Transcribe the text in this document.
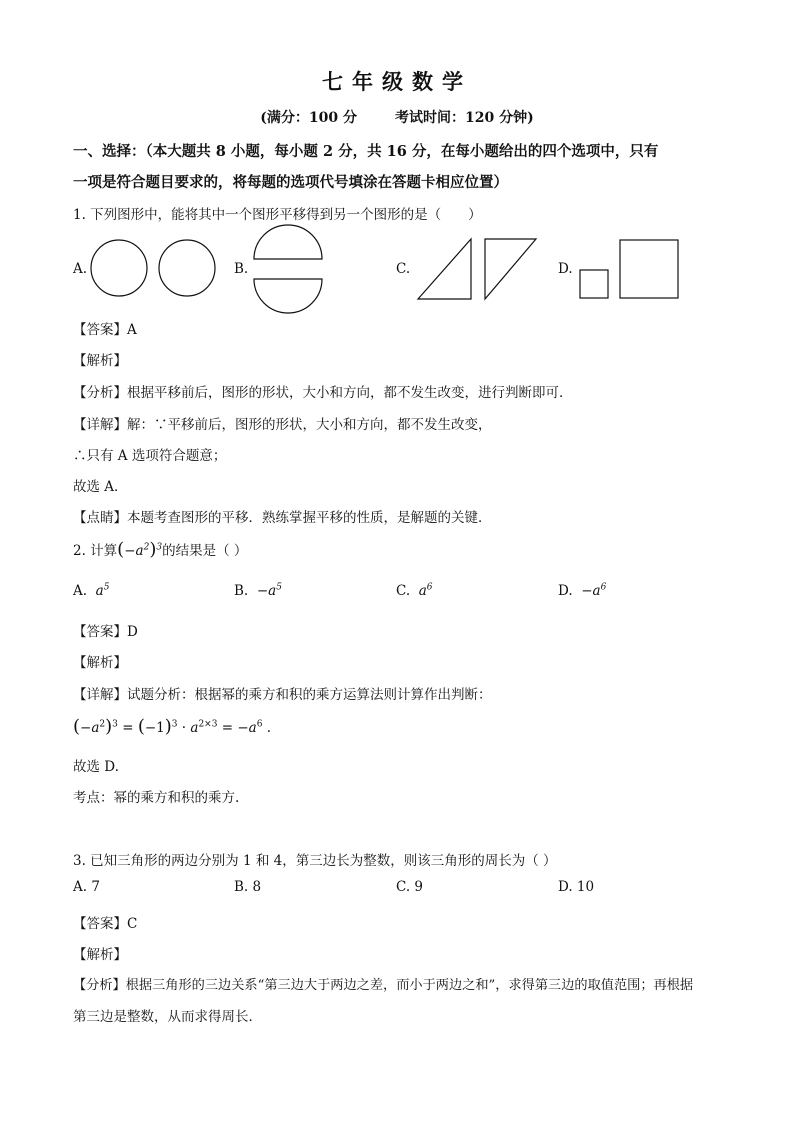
七年级数学
(满分：100 分	考试时间：120 分钟)
一、选择：（本大题共 8 小题，每小题 2 分，共 16 分，在每小题给出的四个选项中，只有
一项是符合题目要求的，将每题的选项代号填涂在答题卡相应位置）
1. 下列图形中，能将其中一个图形平移得到另一个图形的是（　　）
A.	B.	C.	D.
【答案】A
【解析】
【分析】根据平移前后，图形的形状，大小和方向，都不发生改变，进行判断即可．
【详解】解：∵平移前后，图形的形状，大小和方向，都不发生改变，
∴只有 A 选项符合题意；
故选 A．
【点睛】本题考查图形的平移．熟练掌握平移的性质，是解题的关键．
2. 计算$(-a^2)^3$的结果是（ ）
A. $a^5$	B. $-a^5$	C. $a^6$	D. $-a^6$
【答案】D
【解析】
【详解】试题分析：根据幂的乘方和积的乘方运算法则计算作出判断：
$(-a^2)^3 = (-1)^3 \cdot a^{2\times 3} = -a^6$ .
故选 D.
考点：幂的乘方和积的乘方.
3. 已知三角形的两边分别为 1 和 4，第三边长为整数，则该三角形的周长为（ ）
A. 7	B. 8	C. 9	D. 10
【答案】C
【解析】
【分析】根据三角形的三边关系“第三边大于两边之差，而小于两边之和”，求得第三边的取值范围；再根据
第三边是整数，从而求得周长．
